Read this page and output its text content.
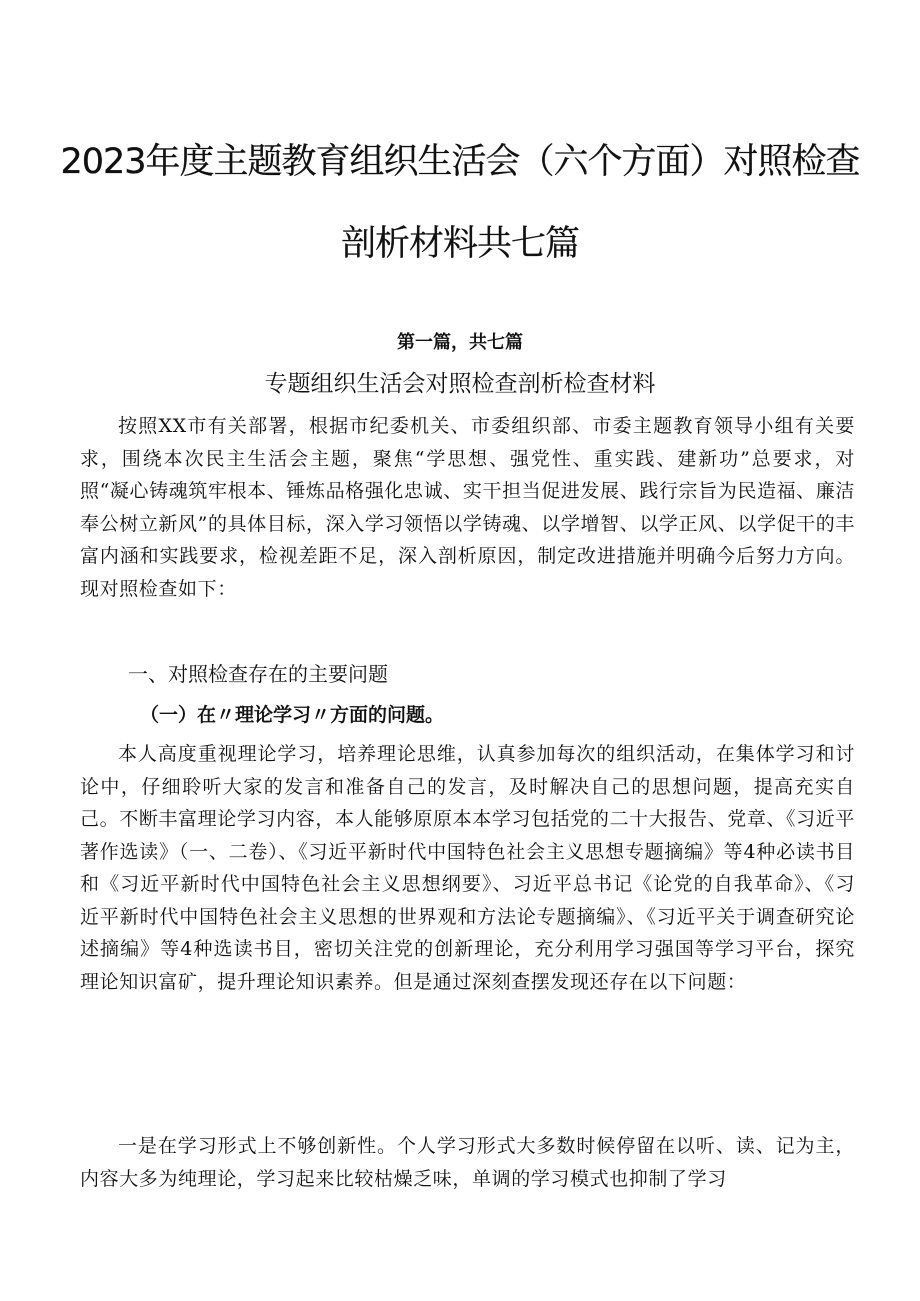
2023年度主题教育组织生活会（六个方面）对照检查
剖析材料共七篇
第一篇，共七篇
专题组织生活会对照检查剖析检查材料

按照XX市有关部署，根据市纪委机关、市委组织部、市委主题教育领导小组有关要求，围绕本次民主生活会主题，聚焦“学思想、强党性、重实践、建新功”总要求，对照“凝心铸魂筑牢根本、锤炼品格强化忠诚、实干担当促进发展、践行宗旨为民造福、廉洁奉公树立新风”的具体目标，深入学习领悟以学铸魂、以学增智、以学正风、以学促干的丰富内涵和实践要求，检视差距不足，深入剖析原因，制定改进措施并明确今后努力方向。现对照检查如下：

一、对照检查存在的主要问题
（一）在〃理论学习〃方面的问题。

本人高度重视理论学习，培养理论思维，认真参加每次的组织活动，在集体学习和讨论中，仔细聆听大家的发言和准备自己的发言，及时解决自己的思想问题，提高充实自己。不断丰富理论学习内容，本人能够原原本本学习包括党的二十大报告、党章、《习近平著作选读》（一、二卷）、《习近平新时代中国特色社会主义思想专题摘编》等4种必读书目和《习近平新时代中国特色社会主义思想纲要》、习近平总书记《论党的自我革命》、《习近平新时代中国特色社会主义思想的世界观和方法论专题摘编》、《习近平关于调查研究论述摘编》等4种选读书目，密切关注党的创新理论，充分利用学习强国等学习平台，探究理论知识富矿，提升理论知识素养。但是通过深刻查摆发现还存在以下问题：

一是在学习形式上不够创新性。个人学习形式大多数时候停留在以听、读、记为主，内容大多为纯理论，学习起来比较枯燥乏味，单调的学习模式也抑制了学习
